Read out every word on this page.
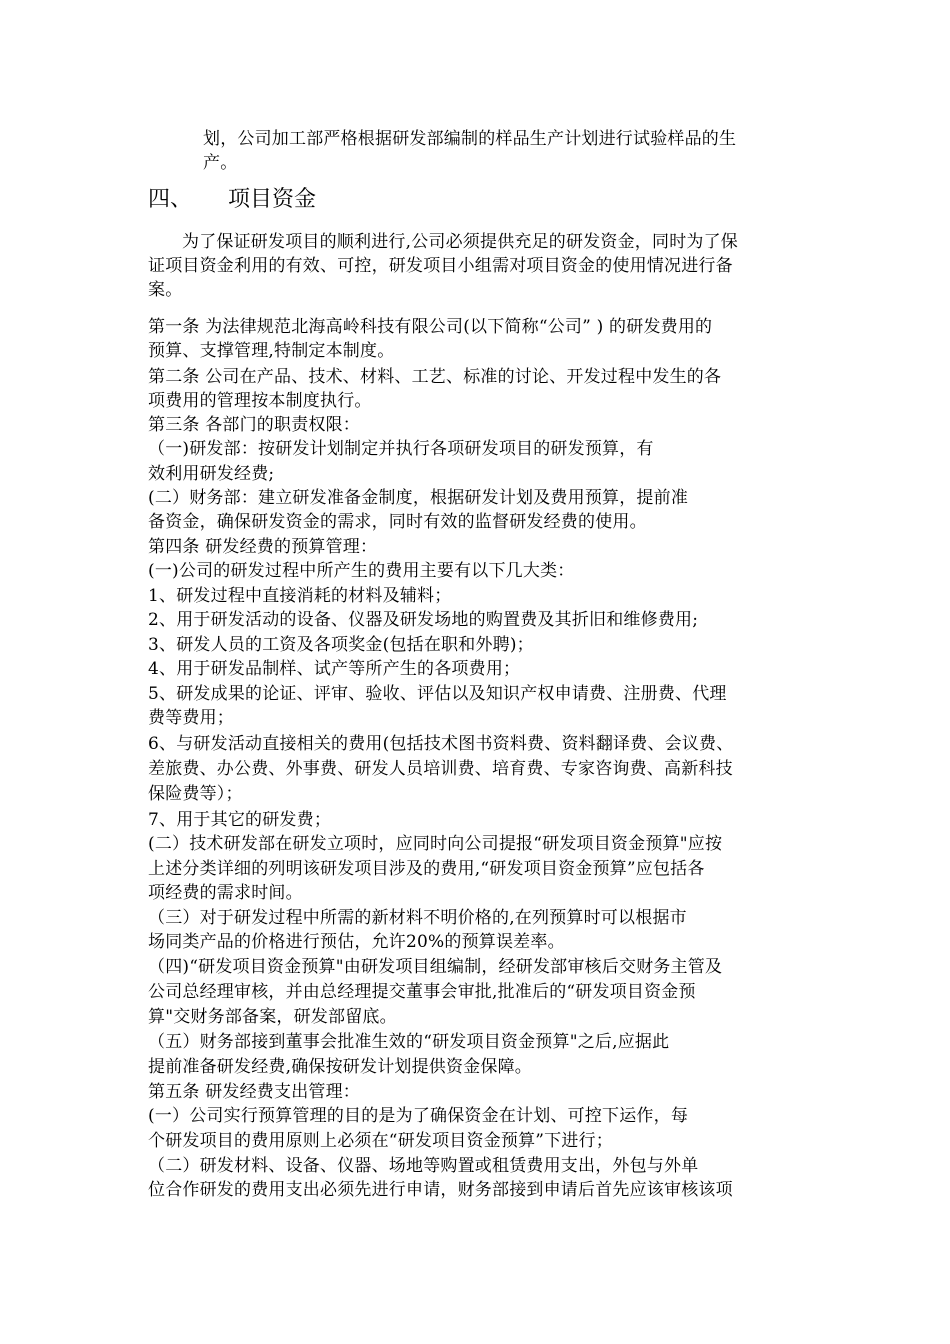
划，公司加工部严格根据研发部编制的样品生产计划进行试验样品的生
产。
四、 项目资金
为了保证研发项目的顺利进行,公司必须提供充足的研发资金，同时为了保
证项目资金利用的有效、可控，研发项目小组需对项目资金的使用情况进行备
案。
第一条 为法律规范北海高岭科技有限公司(以下简称“公司” ) 的研发费用的
预算、支撑管理,特制定本制度。
第二条 公司在产品、技术、材料、工艺、标准的讨论、开发过程中发生的各
项费用的管理按本制度执行。
第三条 各部门的职责权限：
（一)研发部：按研发计划制定并执行各项研发项目的研发预算，有
效利用研发经费;
(二）财务部：建立研发准备金制度，根据研发计划及费用预算，提前准
备资金，确保研发资金的需求，同时有效的监督研发经费的使用。
第四条 研发经费的预算管理：
(一)公司的研发过程中所产生的费用主要有以下几大类：
1、研发过程中直接消耗的材料及辅料；
2、用于研发活动的设备、仪器及研发场地的购置费及其折旧和维修费用;
3、研发人员的工资及各项奖金(包括在职和外聘)；
4、用于研发品制样、试产等所产生的各项费用；
5、研发成果的论证、评审、验收、评估以及知识产权申请费、注册费、代理
费等费用；
6、与研发活动直接相关的费用(包括技术图书资料费、资料翻译费、会议费、
差旅费、办公费、外事费、研发人员培训费、培育费、专家咨询费、高新科技
保险费等）；
7、用于其它的研发费；
(二）技术研发部在研发立项时，应同时向公司提报“研发项目资金预算"应按
上述分类详细的列明该研发项目涉及的费用,“研发项目资金预算”应包括各
项经费的需求时间。
（三）对于研发过程中所需的新材料不明价格的,在列预算时可以根据市
场同类产品的价格进行预估，允许20%的预算误差率。
（四)“研发项目资金预算"由研发项目组编制，经研发部审核后交财务主管及
公司总经理审核，并由总经理提交董事会审批,批准后的“研发项目资金预
算"交财务部备案，研发部留底。
（五）财务部接到董事会批准生效的“研发项目资金预算"之后,应据此
提前准备研发经费,确保按研发计划提供资金保障。
第五条 研发经费支出管理：
(一）公司实行预算管理的目的是为了确保资金在计划、可控下运作，每
个研发项目的费用原则上必须在“研发项目资金预算”下进行；
（二）研发材料、设备、仪器、场地等购置或租赁费用支出，外包与外单
位合作研发的费用支出必须先进行申请，财务部接到申请后首先应该审核该项
